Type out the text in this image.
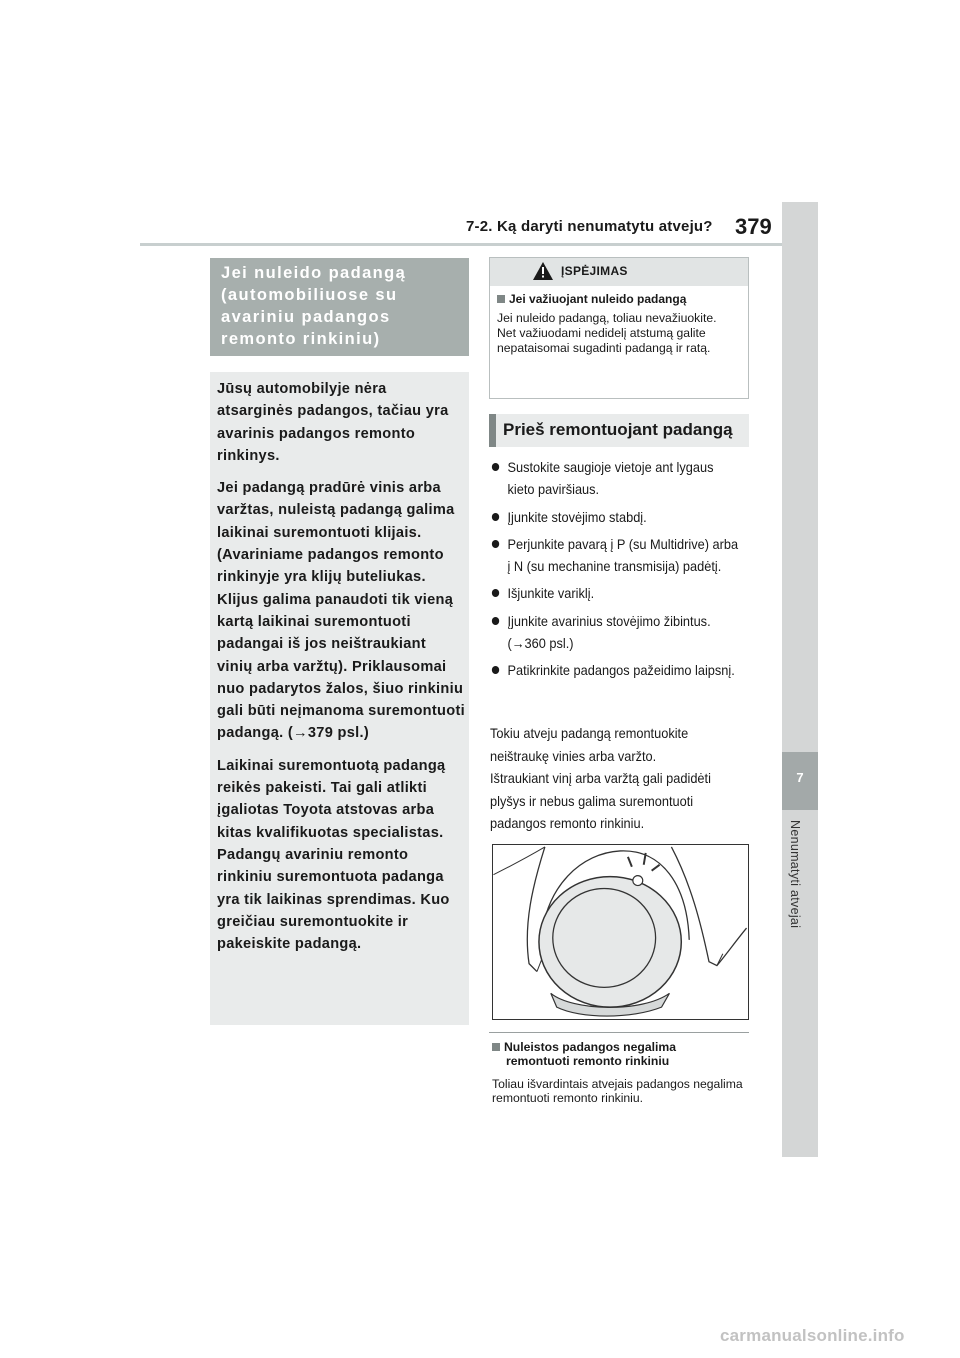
7-2. Ką daryti nenumatytu atveju? 379
7
Nenumatyti atvejai
Jei nuleido padangą (automobiliuose su avariniu padangos remonto rinkiniu)

Jūsų automobilyje nėra atsarginės padangos, tačiau yra avarinis padangos remonto rinkinys.

Jei padangą pradūrė vinis arba varžtas, nuleistą padangą galima laikinai suremontuoti klijais. (Avariniame padangos remonto rinkinyje yra klijų buteliukas. Klijus galima panaudoti tik vieną kartą laikinai suremontuoti padangai iš jos neištraukiant vinių arba varžtų). Priklausomai nuo padarytos žalos, šiuo rinkiniu gali būti neįmanoma suremontuoti padangą. (→379 psl.)

Laikinai suremontuotą padangą reikės pakeisti. Tai gali atlikti įgaliotas Toyota atstovas arba kitas kvalifikuotas specialistas. Padangų avariniu remonto rinkiniu suremontuota padanga yra tik laikinas sprendimas. Kuo greičiau suremontuokite ir pakeiskite padangą.

ĮSPĖJIMAS
Jei važiuojant nuleido padangą
Jei nuleido padangą, toliau nevažiuokite. Net važiuodami nedidelį atstumą galite nepataisomai sugadinti padangą ir ratą.
Prieš remontuojant padangą
Sustokite saugioje vietoje ant lygaus kieto paviršiaus.
Įjunkite stovėjimo stabdį.
Perjunkite pavarą į P (su Multidrive) arba į N (su mechanine transmisija) padėtį.
Išjunkite variklį.
Įjunkite avarinius stovėjimo žibintus. (→360 psl.)
Patikrinkite padangos pažeidimo laipsnį.

Tokiu atveju padangą remontuokite neištraukę vinies arba varžto.

Ištraukiant vinį arba varžtą gali padidėti plyšys ir nebus galima suremontuoti padangos remonto rinkiniu.

Nuleistos padangos negalima
remontuoti remonto rinkiniu
Toliau išvardintais atvejais padangos negalima remontuoti remonto rinkiniu.
carmanualsonline.info
